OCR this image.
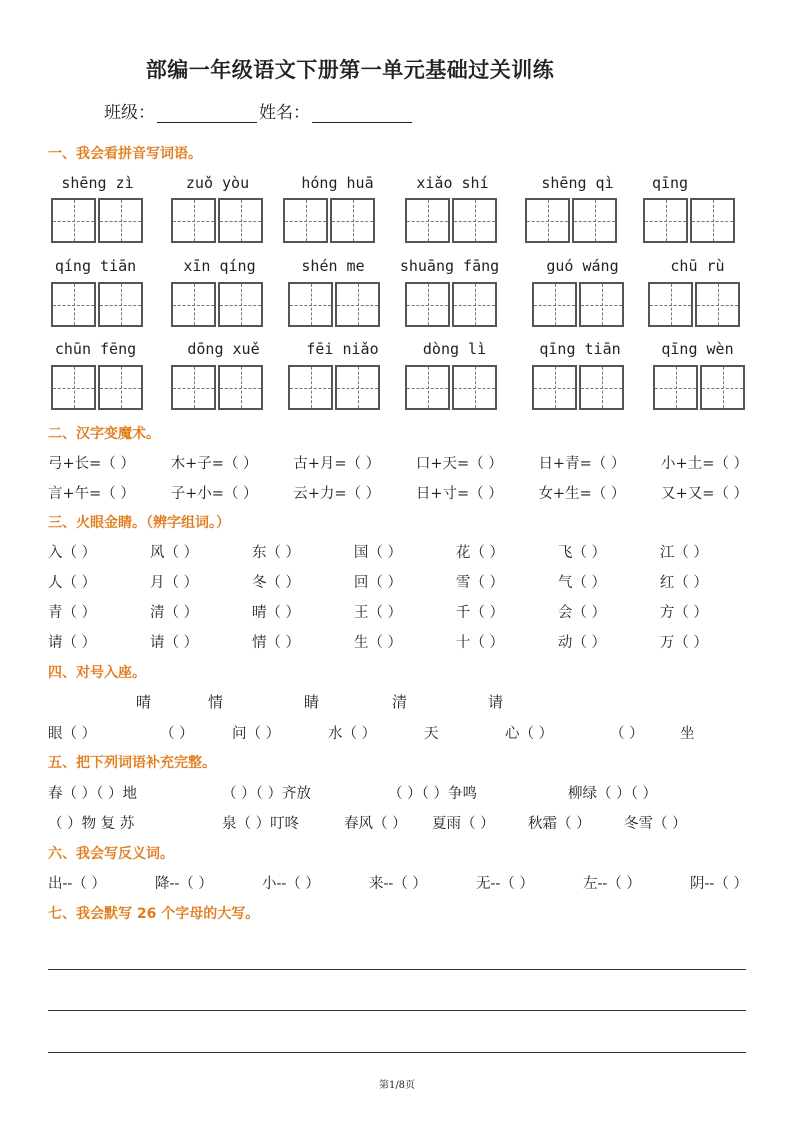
部编一年级语文下册第一单元基础过关训练
班级：	姓名：
一、我会看拼音写词语。
shēng zì	zuǒ yòu	hóng huā	xiǎo shí	shēng qì	qīng
qíng tiān	xīn qíng	shén me	shuāng fāng	guó wáng	chū rù
chūn fēng	dōng xuě	fēi niǎo	dòng lì	qīng tiān	qīng wèn
二、汉字变魔术。
弓+长=（ ） 木+子=（ ） 古+月=（ ） 口+天=（ ） 日+青=（ ） 小+土=（ ）
言+午=（ ） 子+小=（ ） 云+力=（ ） 日+寸=（ ） 女+生=（ ） 又+又=（ ）
三、火眼金睛。（辨字组词。）
入（ ）	风（ ）	东（ ）	国（ ）	花（ ）	飞（ ）	江（ ）
人（ ）	月（ ）	冬（ ）	回（ ）	雪（ ）	气（ ）	红（ ）
青（ ）	清（ ）	晴（ ）	王（ ）	千（ ）	会（ ）	方（ ）
请（ ）	请（ ）	情（ ）	生（ ）	十（ ）	动（ ）	万（ ）
四、对号入座。
晴	情	睛	清	请
眼（ ）	（ ）	问（ ）	水（ ）	天	心（ ）	（ ）	坐
五、把下列词语补充完整。
春（ ）（ ）地	（ ）（ ）齐放	（ ）（ ）争鸣	柳绿（ ）（ ）
（ ）物 复 苏	泉（ ）叮咚	春风（ ） 夏雨（ ） 秋霜（ ） 冬雪（ ）
六、我会写反义词。
出--（ ）	降--（ ）	小--（ ）	来--（ ）	无--（ ）	左--（ ）	阴--（ ）
七、我会默写 26 个字母的大写。
第1/8页
